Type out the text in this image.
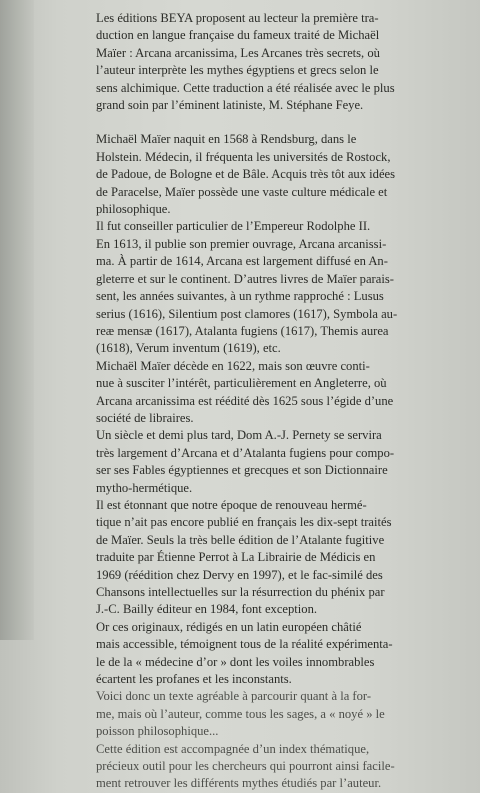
Les éditions BEYA proposent au lecteur la première tra-
duction en langue française du fameux traité de Michaël
Maïer : Arcana arcanissima, Les Arcanes très secrets, où
l’auteur interprète les mythes égyptiens et grecs selon le
sens alchimique. Cette traduction a été réalisée avec le plus
grand soin par l’éminent latiniste, M. Stéphane Feye.

Michaël Maïer naquit en 1568 à Rendsburg, dans le
Holstein. Médecin, il fréquenta les universités de Rostock,
de Padoue, de Bologne et de Bâle. Acquis très tôt aux idées
de Paracelse, Maïer possède une vaste culture médicale et
philosophique.

Il fut conseiller particulier de l’Empereur Rodolphe II.
En 1613, il publie son premier ouvrage, Arcana arcanissi-
ma. À partir de 1614, Arcana est largement diffusé en An-
gleterre et sur le continent. D’autres livres de Maïer parais-
sent, les années suivantes, à un rythme rapproché : Lusus
serius (1616), Silentium post clamores (1617), Symbola au-
reæ mensæ (1617), Atalanta fugiens (1617), Themis aurea
(1618), Verum inventum (1619), etc.

Michaël Maïer décède en 1622, mais son œuvre conti-
nue à susciter l’intérêt, particulièrement en Angleterre, où
Arcana arcanissima est réédité dès 1625 sous l’égide d’une
société de libraires.

Un siècle et demi plus tard, Dom A.-J. Pernety se servira
très largement d’Arcana et d’Atalanta fugiens pour compo-
ser ses Fables égyptiennes et grecques et son Dictionnaire
mytho-hermétique.

Il est étonnant que notre époque de renouveau hermé-
tique n’ait pas encore publié en français les dix-sept traités
de Maïer. Seuls la très belle édition de l’Atalante fugitive
traduite par Étienne Perrot à La Librairie de Médicis en
1969 (réédition chez Dervy en 1997), et le fac-similé des
Chansons intellectuelles sur la résurrection du phénix par
J.-C. Bailly éditeur en 1984, font exception.

Or ces originaux, rédigés en un latin européen châtié
mais accessible, témoignent tous de la réalité expérimenta-
le de la « médecine d’or » dont les voiles innombrables
écartent les profanes et les inconstants.

Voici donc un texte agréable à parcourir quant à la for-
me, mais où l’auteur, comme tous les sages, a « noyé » le
poisson philosophique...

Cette édition est accompagnée d’un index thématique,
précieux outil pour les chercheurs qui pourront ainsi facile-
ment retrouver les différents mythes étudiés par l’auteur.
